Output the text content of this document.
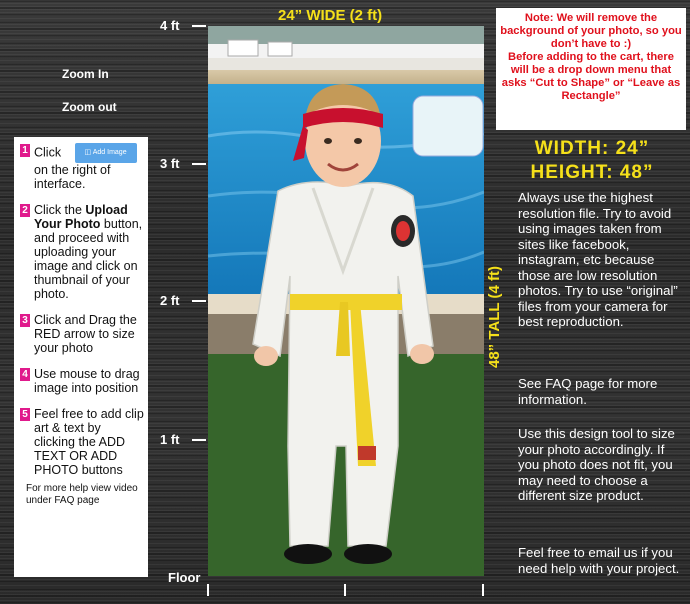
4 ft
3 ft
2 ft
1 ft
Floor
Zoom In
Zoom out
24” WIDE (2 ft)
48” TALL (4 ft)
1 Click	◫ Add Image
on the right of interface.
2 Click the Upload Your Photo button, and proceed with uploading your image and click on thumbnail of your photo.
3 Click and Drag the RED arrow to size your photo
4 Use mouse to drag image into position
5 Feel free to add clip art & text by clicking the ADD TEXT OR ADD PHOTO buttons
For more help view video under FAQ page
Note: We will remove the background of your photo, so you don’t have to :)
Before adding to the cart, there will be a drop down menu that asks “Cut to Shape” or “Leave as Rectangle”
WIDTH: 24”
HEIGHT: 48”
Always use the highest resolution file. Try to avoid using images taken from sites like facebook, instagram, etc because those are low resolution photos. Try to use “original” files from your camera for best reproduction.
See FAQ page for more information.
Use this design tool to size your photo accordingly. If you photo does not fit, you may need to choose a different size product.
Feel free to email us if you need help with your project.
